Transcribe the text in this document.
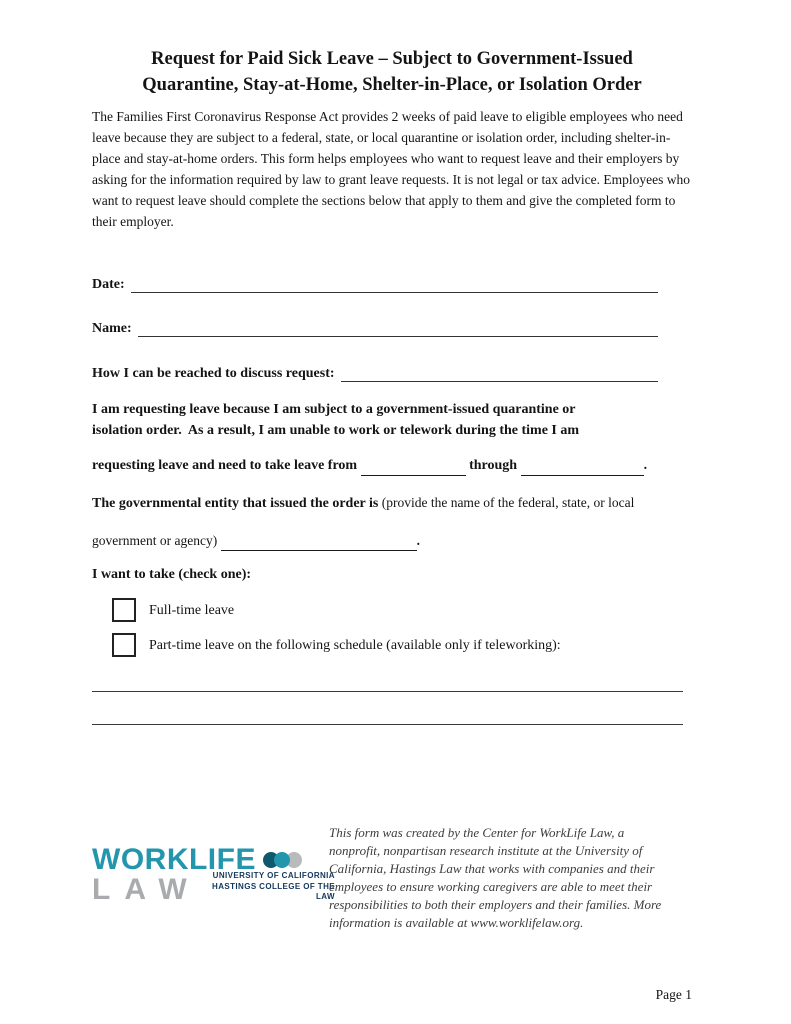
Request for Paid Sick Leave – Subject to Government-Issued
Quarantine, Stay-at-Home, Shelter-in-Place, or Isolation Order

The Families First Coronavirus Response Act provides 2 weeks of paid leave to eligible employees who need leave because they are subject to a federal, state, or local quarantine or isolation order, including shelter-in-place and stay-at-home orders. This form helps employees who want to request leave and their employers by asking for the information required by law to grant leave requests. It is not legal or tax advice. Employees who want to request leave should complete the sections below that apply to them and give the completed form to their employer.

Date:
Name:
How I can be reached to discuss request:
I am requesting leave because I am subject to a government-issued quarantine or
isolation order.  As a result, I am unable to work or telework during the time I am
requesting leave and need to take leave from	through	.
The governmental entity that issued the order is (provide the name of the federal, state, or local
government or agency)	.

I want to take (check one):

Full-time leave
Part-time leave on the following schedule (available only if teleworking):
WORKLIFE
LAW	UNIVERSITY OF CALIFORNIA
HASTINGS COLLEGE OF THE LAW

This form was created by the Center for WorkLife Law, a nonprofit, nonpartisan research institute at the University of California, Hastings Law that works with companies and their employees to ensure working caregivers are able to meet their responsibilities to both their employers and their families. More information is available at www.worklifelaw.org.

Page 1
